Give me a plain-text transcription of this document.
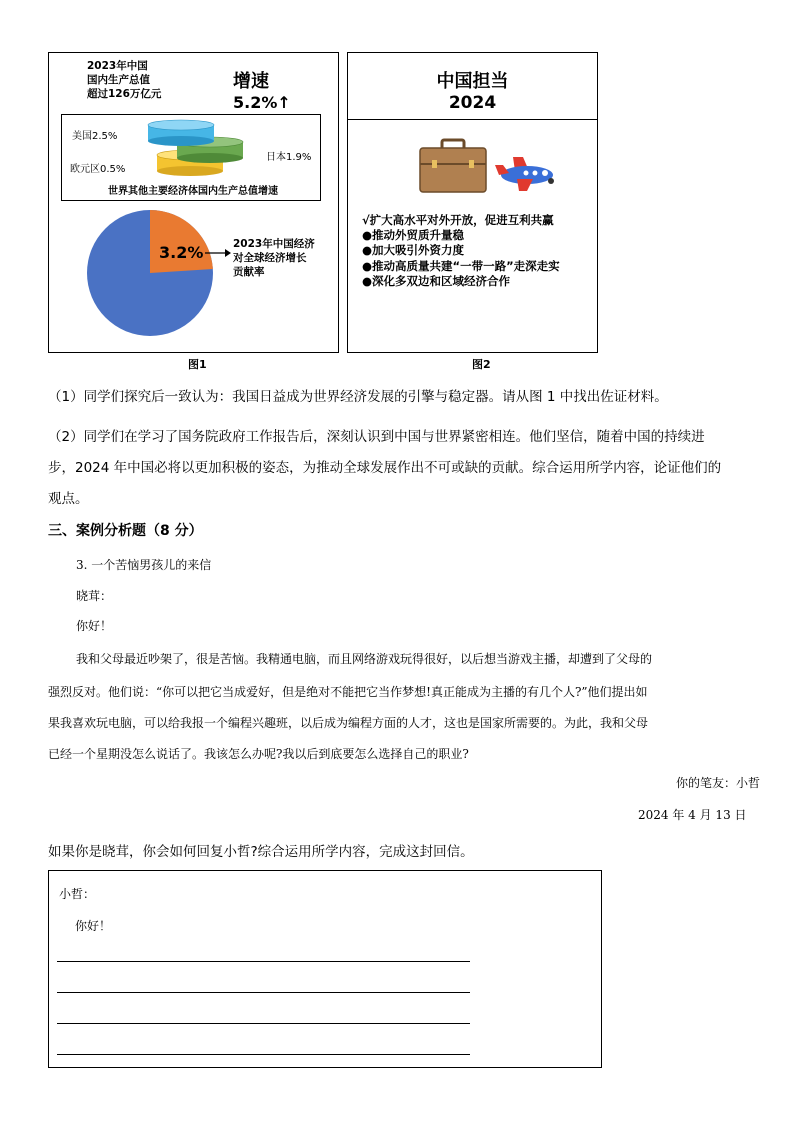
2023年中国
国内生产总值
超过126万亿元
增速
5.2%↑
美国2.5%
日本1.9%
欧元区0.5%
世界其他主要经济体国内生产总值增速
3.2%	2023年中国经济
对全球经济增长
贡献率
图1
中国担当
2024
√扩大高水平对外开放，促进互利共赢
●推动外贸质升量稳
●加大吸引外资力度
●推动高质量共建“一带一路”走深走实
●深化多双边和区域经济合作
图2
（1）同学们探究后一致认为：我国日益成为世界经济发展的引擎与稳定器。请从图 1 中找出佐证材料。
（2）同学们在学习了国务院政府工作报告后，深刻认识到中国与世界紧密相连。他们坚信，随着中国的持续进
步，2024 年中国必将以更加积极的姿态，为推动全球发展作出不可或缺的贡献。综合运用所学内容，论证他们的
观点。
三、案例分析题（8 分）
3. 一个苦恼男孩儿的来信
晓茸：
你好！
我和父母最近吵架了，很是苦恼。我精通电脑，而且网络游戏玩得很好，以后想当游戏主播，却遭到了父母的
强烈反对。他们说：“你可以把它当成爱好，但是绝对不能把它当作梦想!真正能成为主播的有几个人?”他们提出如
果我喜欢玩电脑，可以给我报一个编程兴趣班，以后成为编程方面的人才，这也是国家所需要的。为此，我和父母
已经一个星期没怎么说话了。我该怎么办呢?我以后到底要怎么选择自己的职业?
你的笔友：小哲
2024 年 4 月 13 日
如果你是晓茸，你会如何回复小哲?综合运用所学内容，完成这封回信。
小哲：
你好！
